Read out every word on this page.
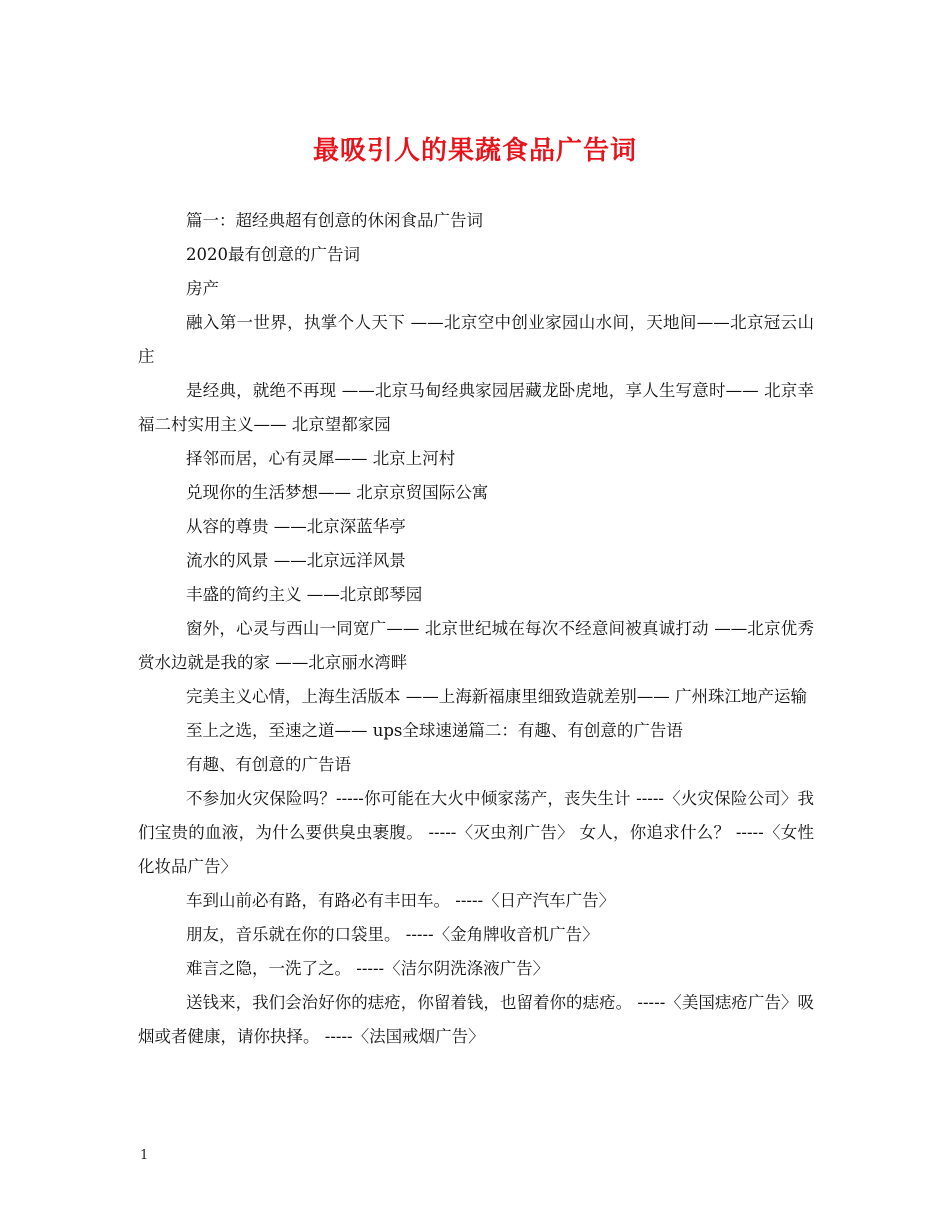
最吸引人的果蔬食品广告词

篇一：超经典超有创意的休闲食品广告词

2020最有创意的广告词

房产

融入第一世界，执掌个人天下 ——北京空中创业家园山水间，天地间——北京冠云山庄

是经典，就绝不再现 ——北京马甸经典家园居藏龙卧虎地，享人生写意时—— 北京幸福二村实用主义—— 北京望都家园

择邻而居，心有灵犀—— 北京上河村

兑现你的生活梦想—— 北京京贸国际公寓

从容的尊贵 ——北京深蓝华亭

流水的风景 ——北京远洋风景

丰盛的简约主义 ——北京郎琴园

窗外，心灵与西山一同宽广—— 北京世纪城在每次不经意间被真诚打动 ——北京优秀赏水边就是我的家 ——北京丽水湾畔

完美主义心情，上海生活版本 ——上海新福康里细致造就差别—— 广州珠江地产运输

至上之选，至速之道—— ups全球速递篇二：有趣、有创意的广告语

有趣、有创意的广告语

不参加火灾保险吗？-----你可能在大火中倾家荡产，丧失生计 -----〈火灾保险公司〉我们宝贵的血液，为什么要供臭虫裹腹。 -----〈灭虫剂广告〉 女人，你追求什么？ -----〈女性化妆品广告〉

车到山前必有路，有路必有丰田车。 -----〈日产汽车广告〉

朋友，音乐就在你的口袋里。 -----〈金角牌收音机广告〉

难言之隐，一洗了之。 -----〈洁尔阴洗涤液广告〉

送钱来，我们会治好你的痣疮，你留着钱，也留着你的痣疮。 -----〈美国痣疮广告〉吸烟或者健康，请你抉择。 -----〈法国戒烟广告〉

1
